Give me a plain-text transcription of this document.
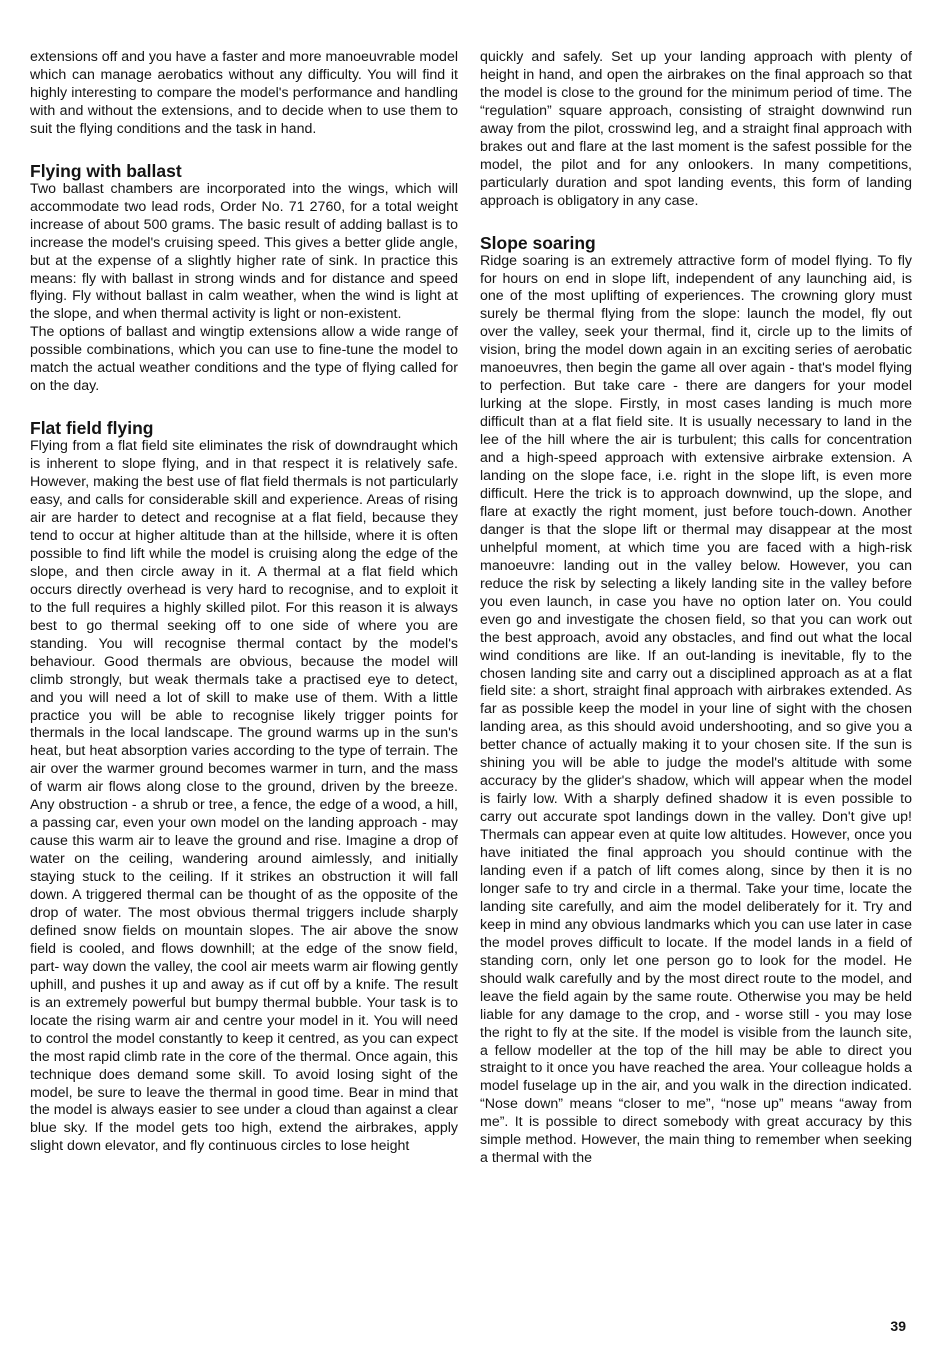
extensions off and you have a faster and more manoeuvrable model which can manage aerobatics without any difficulty. You will find it highly interesting to compare the model's performance and handling with and without the extensions, and to decide when to use them to suit the flying conditions and the task in hand.

Flying with ballast

Two ballast chambers are incorporated into the wings, which will accommodate two lead rods, Order No. 71 2760, for a total weight increase of about 500 grams. The basic result of adding ballast is to increase the model's cruising speed. This gives a better glide angle, but at the expense of a slightly higher rate of sink. In practice this means: fly with ballast in strong winds and for distance and speed flying. Fly without ballast in calm weather, when the wind is light at the slope, and when thermal activity is light or non-existent.

The options of ballast and wingtip extensions allow a wide range of possible combinations, which you can use to fine-tune the model to match the actual weather conditions and the type of flying called for on the day.

Flat field flying

Flying from a flat field site eliminates the risk of downdraught which is inherent to slope flying, and in that respect it is relatively safe. However, making the best use of flat field thermals is not particularly easy, and calls for considerable skill and experience. Areas of rising air are harder to detect and recognise at a flat field, because they tend to occur at higher altitude than at the hillside, where it is often possible to find lift while the model is cruising along the edge of the slope, and then circle away in it. A thermal at a flat field which occurs directly overhead is very hard to recognise, and to exploit it to the full requires a highly skilled pilot. For this reason it is always best to go thermal seeking off to one side of where you are standing. You will recognise thermal contact by the model's behaviour. Good thermals are obvious, because the model will climb strongly, but weak thermals take a practised eye to detect, and you will need a lot of skill to make use of them. With a little practice you will be able to recognise likely trigger points for thermals in the local landscape. The ground warms up in the sun's heat, but heat absorption varies according to the type of terrain. The air over the warmer ground becomes warmer in turn, and the mass of warm air flows along close to the ground, driven by the breeze. Any obstruction - a shrub or tree, a fence, the edge of a wood, a hill, a passing car, even your own model on the landing approach - may cause this warm air to leave the ground and rise. Imagine a drop of water on the ceiling, wandering around aimlessly, and initially staying stuck to the ceiling. If it strikes an obstruction it will fall down. A triggered thermal can be thought of as the opposite of the drop of water. The most obvious thermal triggers include sharply defined snow fields on mountain slopes. The air above the snow field is cooled, and flows downhill; at the edge of the snow field, part- way down the valley, the cool air meets warm air flowing gently uphill, and pushes it up and away as if cut off by a knife. The result is an extremely powerful but bumpy thermal bubble. Your task is to locate the rising warm air and centre your model in it. You will need to control the model constantly to keep it centred, as you can expect the most rapid climb rate in the core of the thermal. Once again, this technique does demand some skill. To avoid losing sight of the model, be sure to leave the thermal in good time. Bear in mind that the model is always easier to see under a cloud than against a clear blue sky. If the model gets too high, extend the airbrakes, apply slight down elevator, and fly continuous circles to lose height

quickly and safely. Set up your landing approach with plenty of height in hand, and open the airbrakes on the final approach so that the model is close to the ground for the minimum period of time. The “regulation” square approach, consisting of straight downwind run away from the pilot, crosswind leg, and a straight final approach with brakes out and flare at the last moment is the safest possible for the model, the pilot and for any onlookers. In many competitions, particularly duration and spot landing events, this form of landing approach is obligatory in any case.

Slope soaring

Ridge soaring is an extremely attractive form of model flying. To fly for hours on end in slope lift, independent of any launching aid, is one of the most uplifting of experiences. The crowning glory must surely be thermal flying from the slope: launch the model, fly out over the valley, seek your thermal, find it, circle up to the limits of vision, bring the model down again in an exciting series of aerobatic manoeuvres, then begin the game all over again - that's model flying to perfection. But take care - there are dangers for your model lurking at the slope. Firstly, in most cases landing is much more difficult than at a flat field site. It is usually necessary to land in the lee of the hill where the air is turbulent; this calls for concentration and a high-speed approach with extensive airbrake extension. A landing on the slope face, i.e. right in the slope lift, is even more difficult. Here the trick is to approach downwind, up the slope, and flare at exactly the right moment, just before touch-down. Another danger is that the slope lift or thermal may disappear at the most unhelpful moment, at which time you are faced with a high-risk manoeuvre: landing out in the valley below. However, you can reduce the risk by selecting a likely landing site in the valley before you even launch, in case you have no option later on. You could even go and investigate the chosen field, so that you can work out the best approach, avoid any obstacles, and find out what the local wind conditions are like. If an out-landing is inevitable, fly to the chosen landing site and carry out a disciplined approach as at a flat field site: a short, straight final approach with airbrakes extended. As far as possible keep the model in your line of sight with the chosen landing area, as this should avoid undershooting, and so give you a better chance of actually making it to your chosen site. If the sun is shining you will be able to judge the model's altitude with some accuracy by the glider's shadow, which will appear when the model is fairly low. With a sharply defined shadow it is even possible to carry out accurate spot landings down in the valley. Don't give up! Thermals can appear even at quite low altitudes. However, once you have initiated the final approach you should continue with the landing even if a patch of lift comes along, since by then it is no longer safe to try and circle in a thermal. Take your time, locate the landing site carefully, and aim the model deliberately for it. Try and keep in mind any obvious landmarks which you can use later in case the model proves difficult to locate. If the model lands in a field of standing corn, only let one person go to look for the model. He should walk carefully and by the most direct route to the model, and leave the field again by the same route. Otherwise you may be held liable for any damage to the crop, and - worse still - you may lose the right to fly at the site. If the model is visible from the launch site, a fellow modeller at the top of the hill may be able to direct you straight to it once you have reached the area. Your colleague holds a model fuselage up in the air, and you walk in the direction indicated. “Nose down” means “closer to me”, “nose up” means “away from me”. It is possible to direct somebody with great accuracy by this simple method. However, the main thing to remember when seeking a thermal with the

39
